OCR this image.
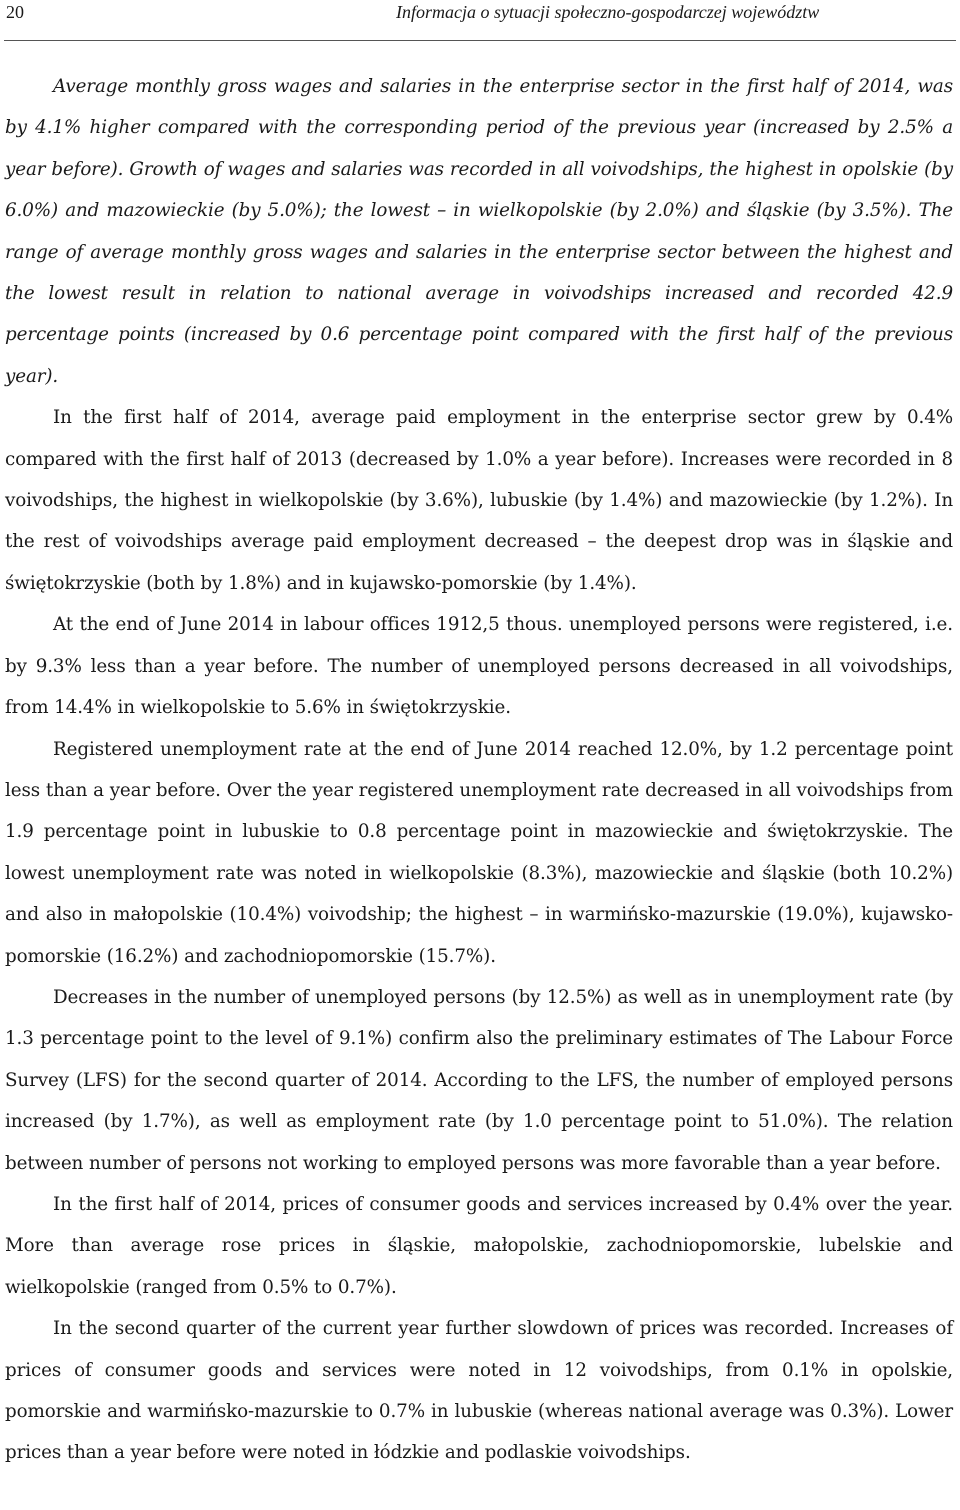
20	Informacja o sytuacji społeczno-gospodarczej województw

Average monthly gross wages and salaries in the enterprise sector in the first half of 2014, was by 4.1% higher compared with the corresponding period of the previous year (increased by 2.5% a year before). Growth of wages and salaries was recorded in all voivodships, the highest in opolskie (by 6.0%) and mazowieckie (by 5.0%); the lowest – in wielkopolskie (by 2.0%) and śląskie (by 3.5%). The range of average monthly gross wages and salaries in the enterprise sector between the highest and the lowest result in relation to national average in voivodships increased and recorded 42.9 percentage points (increased by 0.6 percentage point compared with the first half of the previous year).

In the first half of 2014, average paid employment in the enterprise sector grew by 0.4% compared with the first half of 2013 (decreased by 1.0% a year before). Increases were recorded in 8 voivodships, the highest in wielkopolskie (by 3.6%), lubuskie (by 1.4%) and mazowieckie (by 1.2%). In the rest of voivodships average paid employment decreased – the deepest drop was in śląskie and świętokrzyskie (both by 1.8%) and in kujawsko-pomorskie (by 1.4%).

At the end of June 2014 in labour offices 1912,5 thous. unemployed persons were registered, i.e. by 9.3% less than a year before. The number of unemployed persons decreased in all voivodships, from 14.4% in wielkopolskie to 5.6% in świętokrzyskie.

Registered unemployment rate at the end of June 2014 reached 12.0%, by 1.2 percentage point less than a year before. Over the year registered unemployment rate decreased in all voivodships from 1.9 percentage point in lubuskie to 0.8 percentage point in mazowieckie and świętokrzyskie. The lowest unemployment rate was noted in wielkopolskie (8.3%), mazowieckie and śląskie (both 10.2%) and also in małopolskie (10.4%) voivodship; the highest – in warmińsko-mazurskie (19.0%), kujawsko-pomorskie (16.2%) and zachodniopomorskie (15.7%).

Decreases in the number of unemployed persons (by 12.5%) as well as in unemployment rate (by 1.3 percentage point to the level of 9.1%) confirm also the preliminary estimates of The Labour Force Survey (LFS) for the second quarter of 2014. According to the LFS, the number of employed persons increased (by 1.7%), as well as employment rate (by 1.0 percentage point to 51.0%). The relation between number of persons not working to employed persons was more favorable than a year before.

In the first half of 2014, prices of consumer goods and services increased by 0.4% over the year. More than average rose prices in śląskie, małopolskie, zachodniopomorskie, lubelskie and wielkopolskie (ranged from 0.5% to 0.7%).

In the second quarter of the current year further slowdown of prices was recorded. Increases of prices of consumer goods and services were noted in 12 voivodships, from 0.1% in opolskie, pomorskie and warmińsko-mazurskie to 0.7% in lubuskie (whereas national average was 0.3%). Lower prices than a year before were noted in łódzkie and podlaskie voivodships.
